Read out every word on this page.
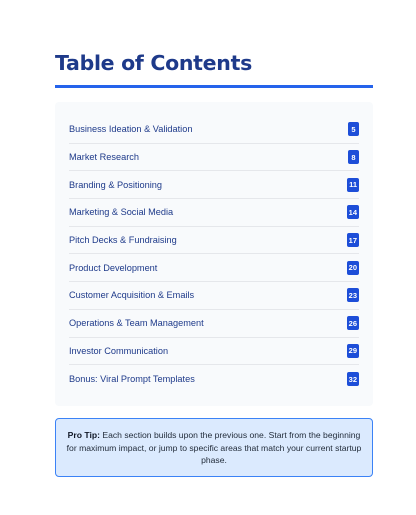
Table of Contents
Business Ideation & Validation	5
Market Research	8
Branding & Positioning	11
Marketing & Social Media	14
Pitch Decks & Fundraising	17
Product Development	20
Customer Acquisition & Emails	23
Operations & Team Management	26
Investor Communication	29
Bonus: Viral Prompt Templates	32
Pro Tip: Each section builds upon the previous one. Start from the beginning for maximum impact, or jump to specific areas that match your current startup phase.
